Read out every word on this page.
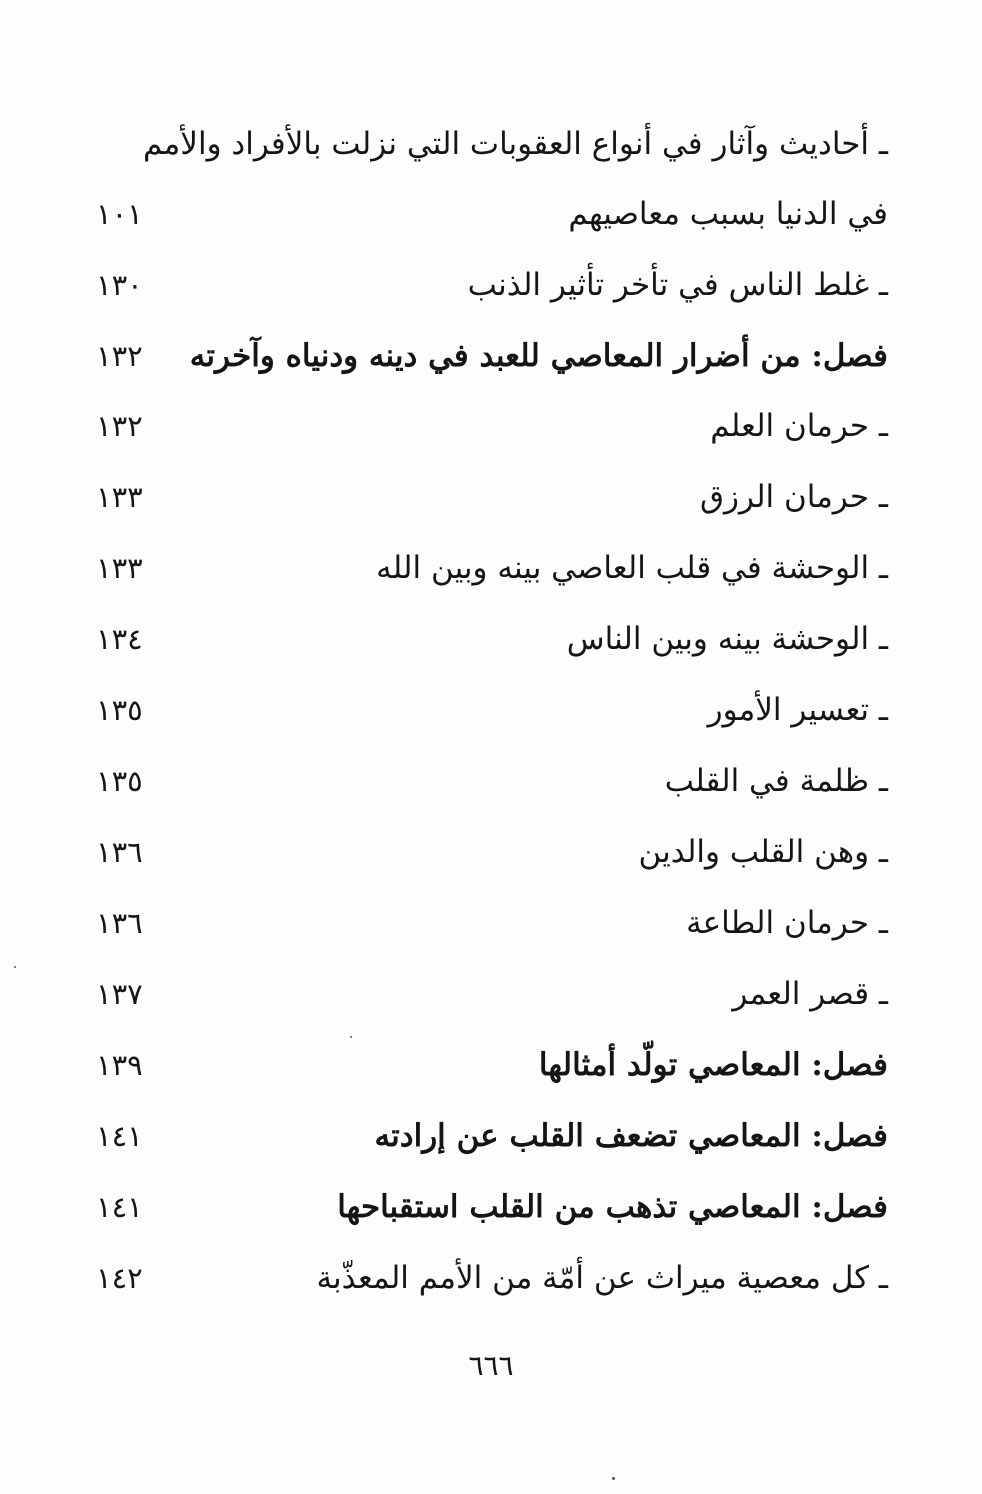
ـ أحاديث وآثار في أنواع العقوبات التي نزلت بالأفراد والأمم
في الدنيا بسبب معاصيهم
١٠١
ـ غلط الناس في تأخر تأثير الذنب
١٣٠
فصل: من أضرار المعاصي للعبد في دينه ودنياه وآخرته
١٣٢
ـ حرمان العلم
١٣٢
ـ حرمان الرزق
١٣٣
ـ الوحشة في قلب العاصي بينه وبين الله
١٣٣
ـ الوحشة بينه وبين الناس
١٣٤
ـ تعسير الأمور
١٣٥
ـ ظلمة في القلب
١٣٥
ـ وهن القلب والدين
١٣٦
ـ حرمان الطاعة
١٣٦
ـ قصر العمر
١٣٧
فصل: المعاصي تولّد أمثالها
١٣٩
فصل: المعاصي تضعف القلب عن إرادته
١٤١
فصل: المعاصي تذهب من القلب استقباحها
١٤١
ـ كل معصية ميراث عن أمّة من الأمم المعذّبة
١٤٢
٦٦٦
